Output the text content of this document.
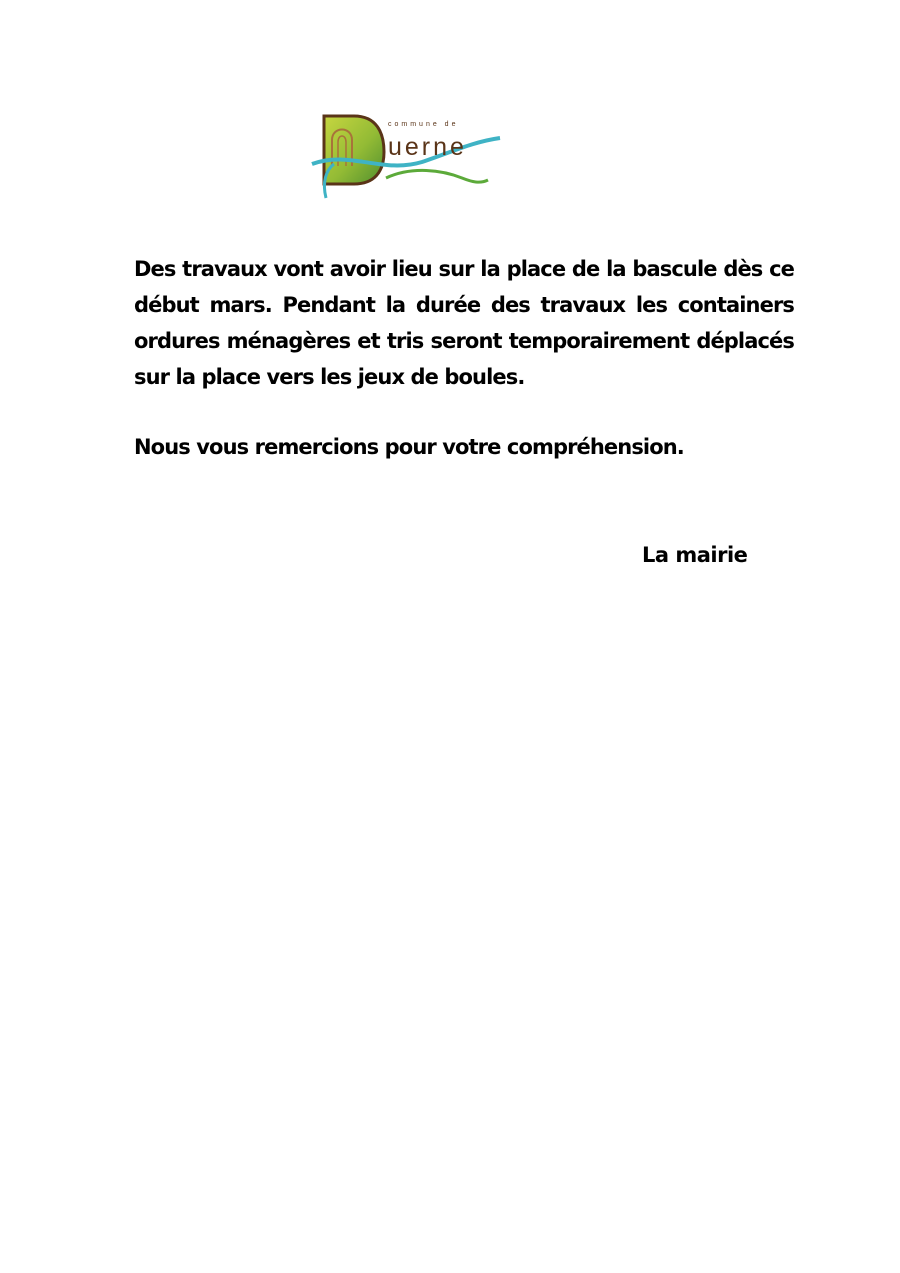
commune de
uerne

Des travaux vont avoir lieu sur la place de la bascule dès ce début mars. Pendant la durée des travaux les containers ordures ménagères et tris seront temporairement déplacés sur la place vers les jeux de boules.

Nous vous remercions pour votre compréhension.

La mairie
